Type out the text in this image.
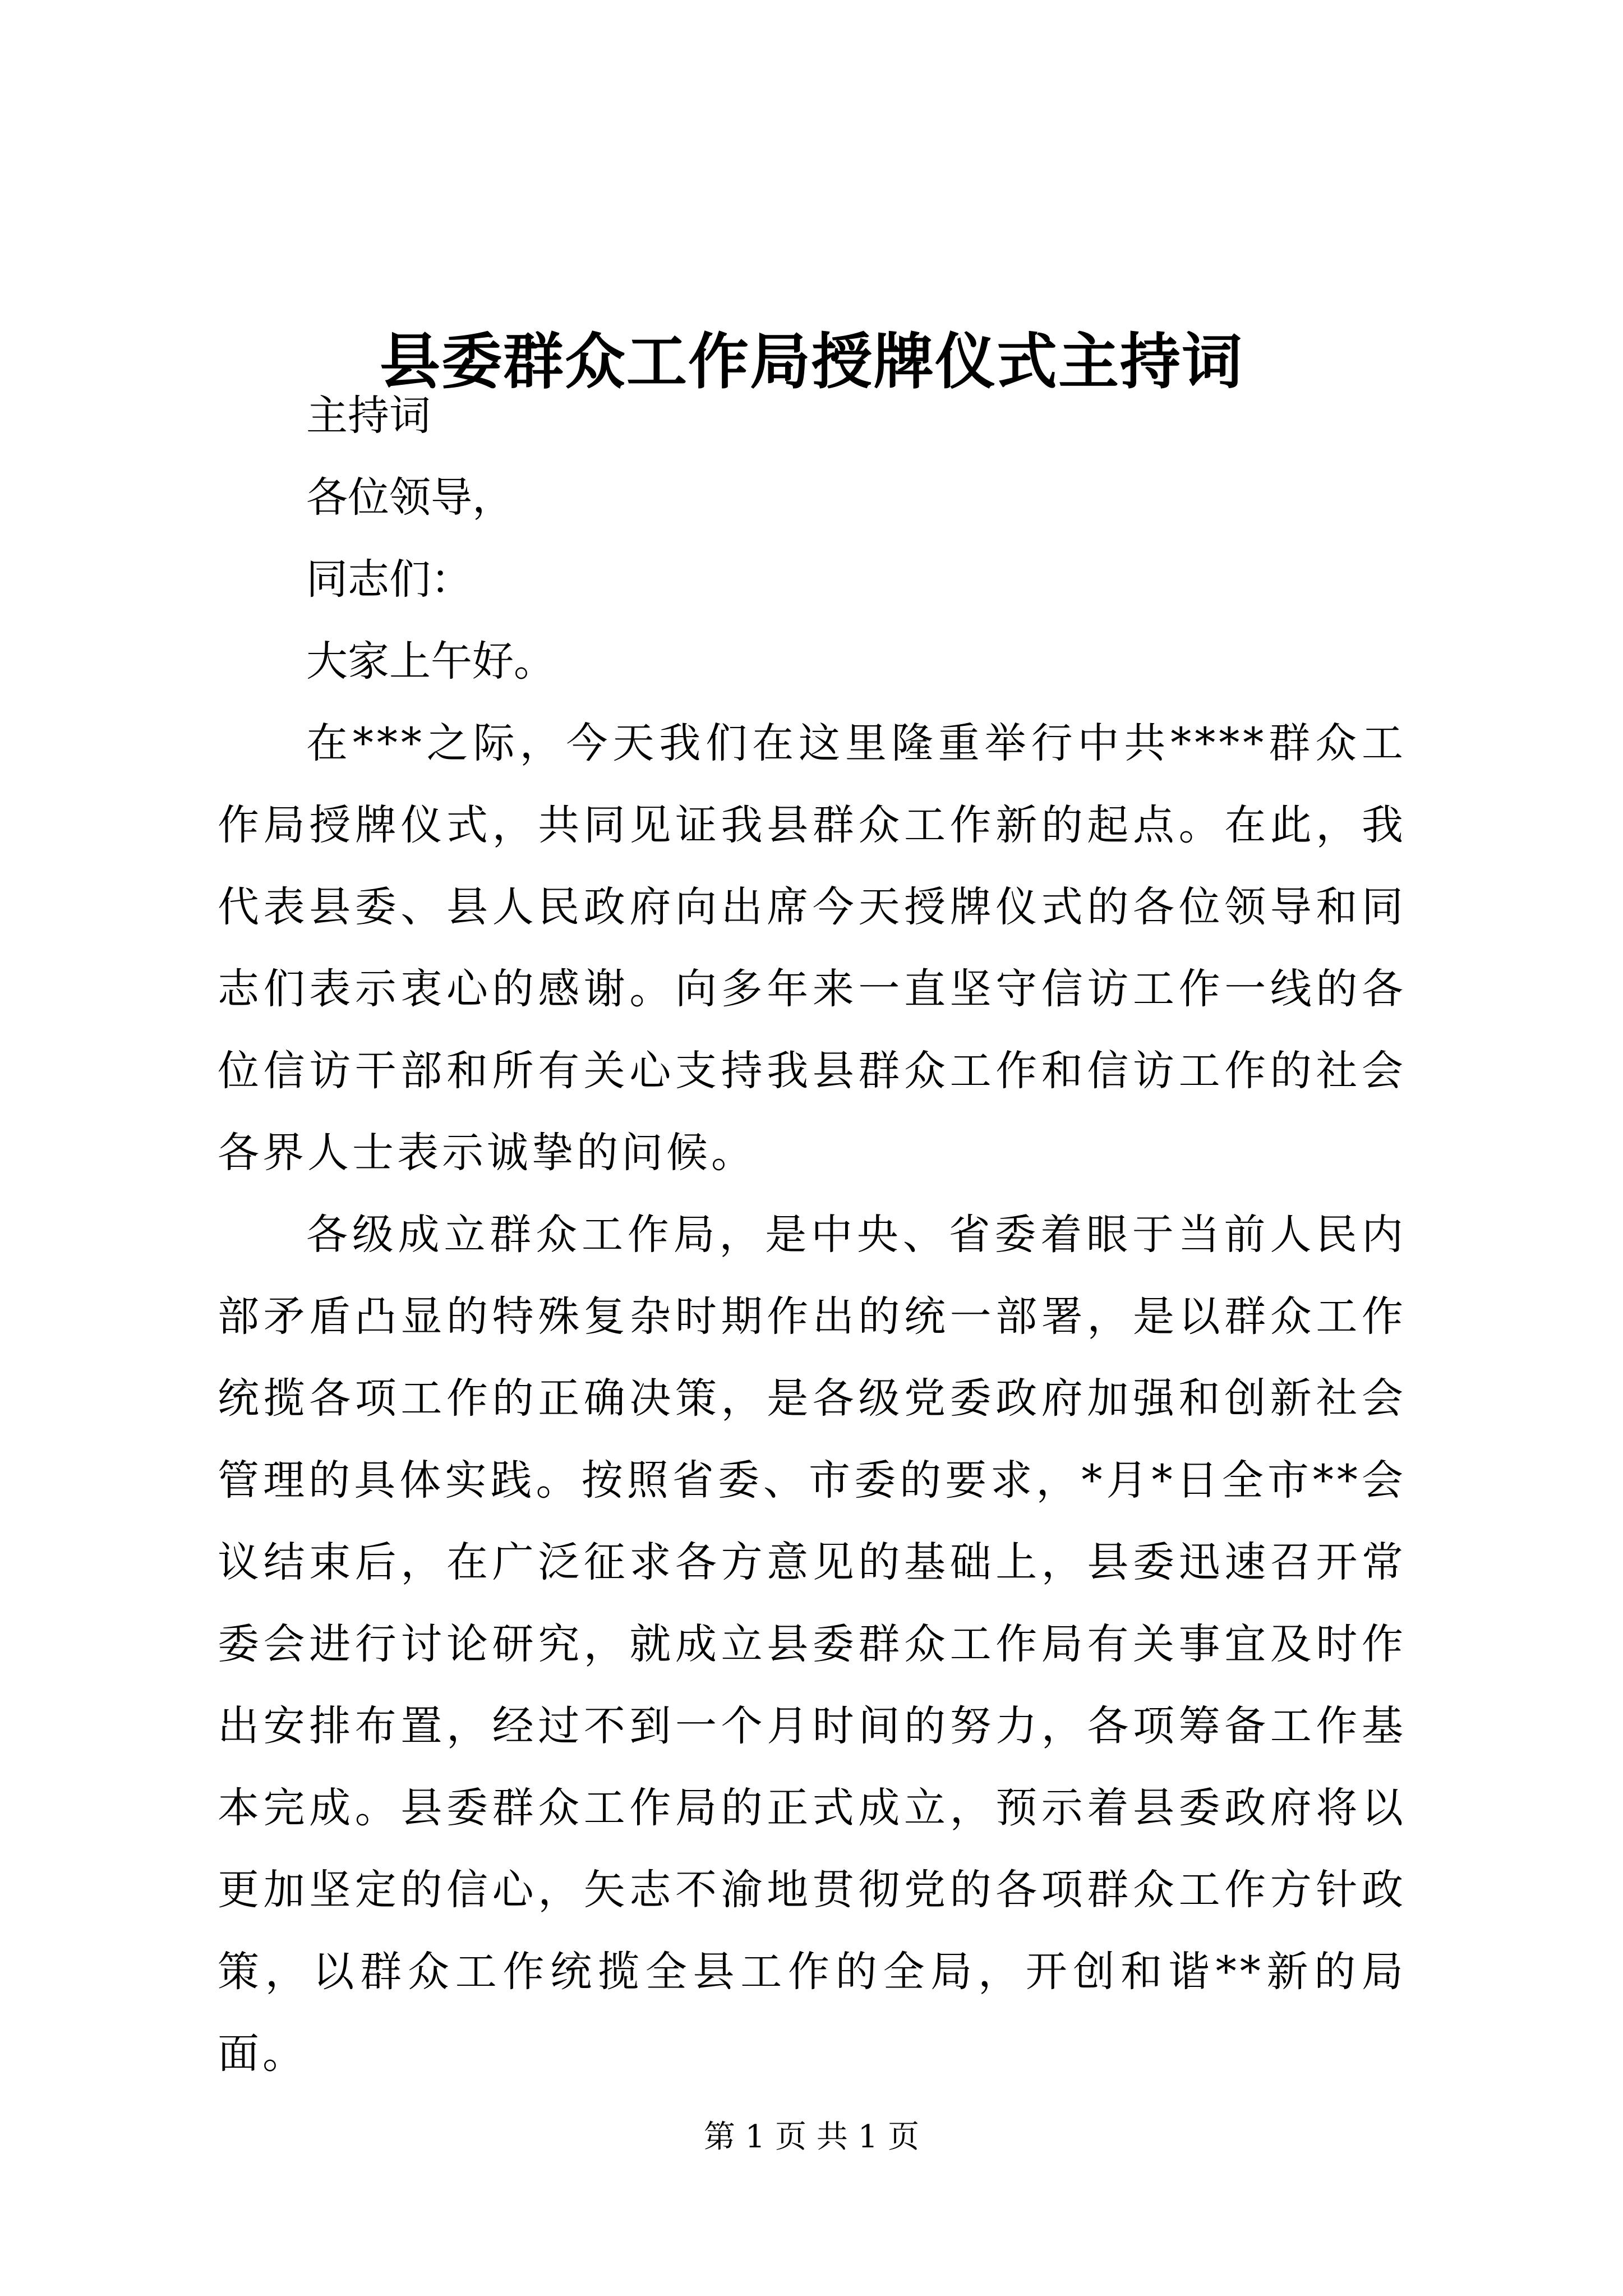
县委群众工作局授牌仪式主持词

主持词

各位领导，

同志们：

大家上午好。

在***之际，今天我们在这里隆重举行中共****群众工作局授牌仪式，共同见证我县群众工作新的起点。在此，我代表县委、县人民政府向出席今天授牌仪式的各位领导和同志们表示衷心的感谢。向多年来一直坚守信访工作一线的各位信访干部和所有关心支持我县群众工作和信访工作的社会各界人士表示诚挚的问候。

各级成立群众工作局，是中央、省委着眼于当前人民内部矛盾凸显的特殊复杂时期作出的统一部署，是以群众工作统揽各项工作的正确决策，是各级党委政府加强和创新社会管理的具体实践。按照省委、市委的要求，*月*日全市**会议结束后，在广泛征求各方意见的基础上，县委迅速召开常委会进行讨论研究，就成立县委群众工作局有关事宜及时作出安排布置，经过不到一个月时间的努力，各项筹备工作基本完成。县委群众工作局的正式成立，预示着县委政府将以更加坚定的信心，矢志不渝地贯彻党的各项群众工作方针政策，以群众工作统揽全县工作的全局，开创和谐**新的局面。

第 1 页 共 1 页
